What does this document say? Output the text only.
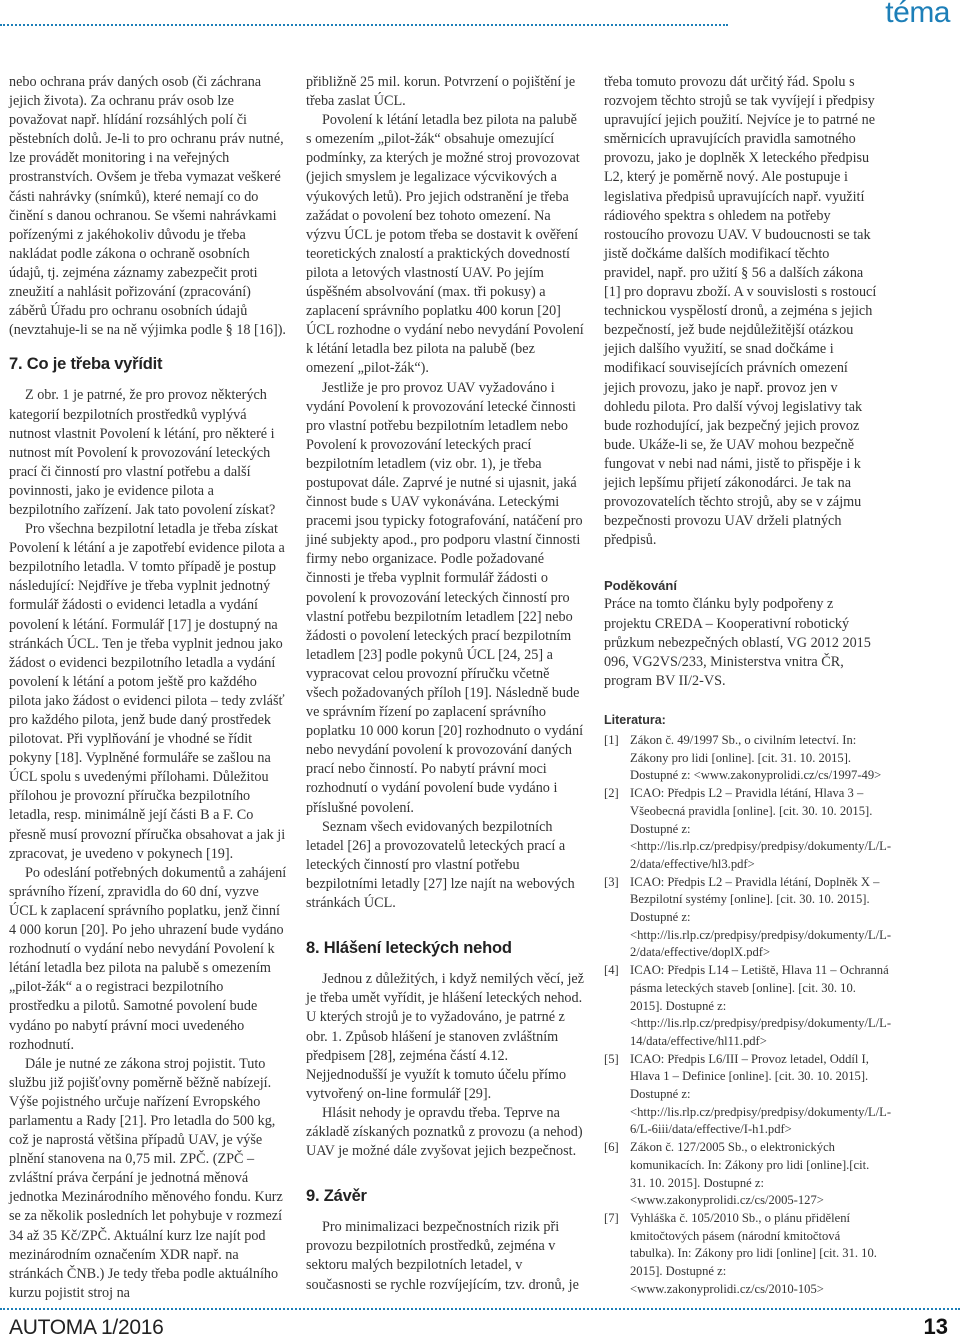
téma

nebo ochrana práv daných osob (či záchrana jejich života). Za ochranu práv osob lze považovat např. hlídání rozsáhlých polí či pěstebních dolů. Je-li to pro ochranu práv nutné, lze provádět monitoring i na veřejných prostranstvích. Ovšem je třeba vymazat veškeré části nahrávky (snímků), které nemají co do činění s danou ochranou. Se všemi nahrávkami pořízenými z jakéhokoliv důvodu je třeba nakládat podle zákona o ochraně osobních údajů, tj. zejména záznamy zabezpečit proti zneužití a nahlásit pořizování (zpracování) záběrů Úřadu pro ochranu osobních údajů (nevztahuje-li se na ně výjimka podle § 18 [16]).

7. Co je třeba vyřídit

Z obr. 1 je patrné, že pro provoz některých kategorií bezpilotních prostředků vyplývá nutnost vlastnit Povolení k létání, pro některé i nutnost mít Povolení k provozování leteckých prací či činností pro vlastní potřebu a další povinnosti, jako je evidence pilota a bezpilotního zařízení. Jak tato povolení získat?

Pro všechna bezpilotní letadla je třeba získat Povolení k létání a je zapotřebí evidence pilota a bezpilotního letadla. V tomto případě je postup následující: Nejdříve je třeba vyplnit jednotný formulář žádosti o evidenci letadla a vydání povolení k létání. Formulář [17] je dostupný na stránkách ÚCL. Ten je třeba vyplnit jednou jako žádost o evidenci bezpilotního letadla a vydání povolení k létání a potom ještě pro každého pilota jako žádost o evidenci pilota – tedy zvlášť pro každého pilota, jenž bude daný prostředek pilotovat. Při vyplňování je vhodné se řídit pokyny [18]. Vyplněné formuláře se zašlou na ÚCL spolu s uvedenými přílohami. Důležitou přílohou je provozní příručka bezpilotního letadla, resp. minimálně její části B a F. Co přesně musí provozní příručka obsahovat a jak ji zpracovat, je uvedeno v pokynech [19].

Po odeslání potřebných dokumentů a zahájení správního řízení, zpravidla do 60 dní, vyzve ÚCL k zaplacení správního poplatku, jenž činní 4 000 korun [20]. Po jeho uhrazení bude vydáno rozhodnutí o vydání nebo nevydání Povolení k létání letadla bez pilota na palubě s omezením „pilot-žák“ a o registraci bezpilotního prostředku a pilotů. Samotné povolení bude vydáno po nabytí právní moci uvedeného rozhodnutí.

Dále je nutné ze zákona stroj pojistit. Tuto službu již pojišťovny poměrně běžně nabízejí. Výše pojistného určuje nařízení Evropského parlamentu a Rady [21]. Pro letadla do 500 kg, což je naprostá většina případů UAV, je výše plnění stanovena na 0,75 mil. ZPČ. (ZPČ – zvláštní práva čerpání je jednotná měnová jednotka Mezinárodního měnového fondu. Kurz se za několik posledních let pohybuje v rozmezí 34 až 35 Kč/ZPČ. Aktuální kurz lze najít pod mezinárodním označením XDR např. na stránkách ČNB.) Je tedy třeba podle aktuálního kurzu pojistit stroj na

přibližně 25 mil. korun. Potvrzení o pojištění je třeba zaslat ÚCL.

Povolení k létání letadla bez pilota na palubě s omezením „pilot-žák“ obsahuje omezující podmínky, za kterých je možné stroj provozovat (jejich smyslem je legalizace výcvikových a výukových letů). Pro jejich odstranění je třeba zažádat o povolení bez tohoto omezení. Na výzvu ÚCL je potom třeba se dostavit k ověření teoretických znalostí a praktických dovedností pilota a letových vlastností UAV. Po jejím úspěšném absolvování (max. tři pokusy) a zaplacení správního poplatku 400 korun [20] ÚCL rozhodne o vydání nebo nevydání Povolení k létání letadla bez pilota na palubě (bez omezení „pilot-žák“).

Jestliže je pro provoz UAV vyžadováno i vydání Povolení k provozování letecké činnosti pro vlastní potřebu bezpilotním letadlem nebo Povolení k provozování leteckých prací bezpilotním letadlem (viz obr. 1), je třeba postupovat dále. Zaprvé je nutné si ujasnit, jaká činnost bude s UAV vykonávána. Leteckými pracemi jsou typicky fotografování, natáčení pro jiné subjekty apod., pro podporu vlastní činnosti firmy nebo organizace. Podle požadované činnosti je třeba vyplnit formulář žádosti o povolení k provozování leteckých činností pro vlastní potřebu bezpilotním letadlem [22] nebo žádosti o povolení leteckých prací bezpilotním letadlem [23] podle pokynů ÚCL [24, 25] a vypracovat celou provozní příručku včetně všech požadovaných příloh [19]. Následně bude ve správním řízení po zaplacení správního poplatku 10 000 korun [20] rozhodnuto o vydání nebo nevydání povolení k provozování daných prací nebo činností. Po nabytí právní moci rozhodnutí o vydání povolení bude vydáno i příslušné povolení.

Seznam všech evidovaných bezpilotních letadel [26] a provozovatelů leteckých prací a leteckých činností pro vlastní potřebu bezpilotními letadly [27] lze najít na webových stránkách ÚCL.

8. Hlášení leteckých nehod

Jednou z důležitých, i když nemilých věcí, jež je třeba umět vyřídit, je hlášení leteckých nehod. U kterých strojů je to vyžadováno, je patrné z obr. 1. Způsob hlášení je stanoven zvláštním předpisem [28], zejména částí 4.12. Nejjednodušší je využít k tomuto účelu přímo vytvořený on-line formulář [29].

Hlásit nehody je opravdu třeba. Teprve na základě získaných poznatků z provozu (a nehod) UAV je možné dále zvyšovat jejich bezpečnost.

9. Závěr

Pro minimalizaci bezpečnostních rizik při provozu bezpilotních prostředků, zejména v sektoru malých bezpilotních letadel, v současnosti se rychle rozvíjejícím, tzv. dronů, je

třeba tomuto provozu dát určitý řád. Spolu s rozvojem těchto strojů se tak vyvíjejí i předpisy upravující jejich použití. Nejvíce je to patrné ne směrnicích upravujících pravidla samotného provozu, jako je doplněk X leteckého předpisu L2, který je poměrně nový. Ale postupuje i legislativa předpisů upravujících např. využití rádiového spektra s ohledem na potřeby rostoucího provozu UAV. V budoucnosti se tak jistě dočkáme dalších modifikací těchto pravidel, např. pro užití § 56 a dalších zákona [1] pro dopravu zboží. A v souvislosti s rostoucí technickou vyspělostí dronů, a zejména s jejich bezpečností, jež bude nejdůležitější otázkou jejich dalšího využití, se snad dočkáme i modifikací souvisejících právních omezení jejich provozu, jako je např. provoz jen v dohledu pilota. Pro další vývoj legislativy tak bude rozhodující, jak bezpečný jejich provoz bude. Ukáže-li se, že UAV mohou bezpečně fungovat v nebi nad námi, jistě to přispěje i k jejich lepšímu přijetí zákonodárci. Je tak na provozovatelích těchto strojů, aby se v zájmu bezpečnosti provozu UAV drželi platných předpisů.

Poděkování

Práce na tomto článku byly podpořeny z projektu CREDA – Kooperativní robotický průzkum nebezpečných oblastí, VG 2012 2015 096, VG2VS/233, Ministerstva vnitra ČR, program BV II/2-VS.

Literatura:
[1] Zákon č. 49/1997 Sb., o civilním letectví. In: Zákony pro lidi [online]. [cit. 31. 10. 2015]. Dostupné z: <www.zakonyprolidi.cz/cs/1997-49>
[2] ICAO: Předpis L2 – Pravidla létání, Hlava 3 – Všeobecná pravidla [online]. [cit. 30. 10. 2015]. Dostupné z: <http://lis.rlp.cz/predpisy/predpisy/dokumenty/L/L-2/data/effective/hl3.pdf>
[3] ICAO: Předpis L2 – Pravidla létání, Doplněk X – Bezpilotní systémy [online]. [cit. 30. 10. 2015]. Dostupné z: <http://lis.rlp.cz/predpisy/predpisy/dokumenty/L/L-2/data/effective/doplX.pdf>
[4] ICAO: Předpis L14 – Letiště, Hlava 11 – Ochranná pásma leteckých staveb [online]. [cit. 30. 10. 2015]. Dostupné z: <http://lis.rlp.cz/predpisy/predpisy/dokumenty/L/L-14/data/effective/hl11.pdf>
[5] ICAO: Předpis L6/III – Provoz letadel, Oddíl I, Hlava 1 – Definice [online]. [cit. 30. 10. 2015]. Dostupné z: <http://lis.rlp.cz/predpisy/predpisy/dokumenty/L/L-6/L-6iii/data/effective/I-h1.pdf>
[6] Zákon č. 127/2005 Sb., o elektronických komunikacích. In: Zákony pro lidi [online].[cit. 31. 10. 2015]. Dostupné z: <www.zakonyprolidi.cz/cs/2005-127>
[7] Vyhláška č. 105/2010 Sb., o plánu přidělení kmitočtových pásem (národní kmitočtová tabulka). In: Zákony pro lidi [online] [cit. 31. 10. 2015]. Dostupné z: <www.zakonyprolidi.cz/cs/2010-105>
AUTOMA 1/2016	13
